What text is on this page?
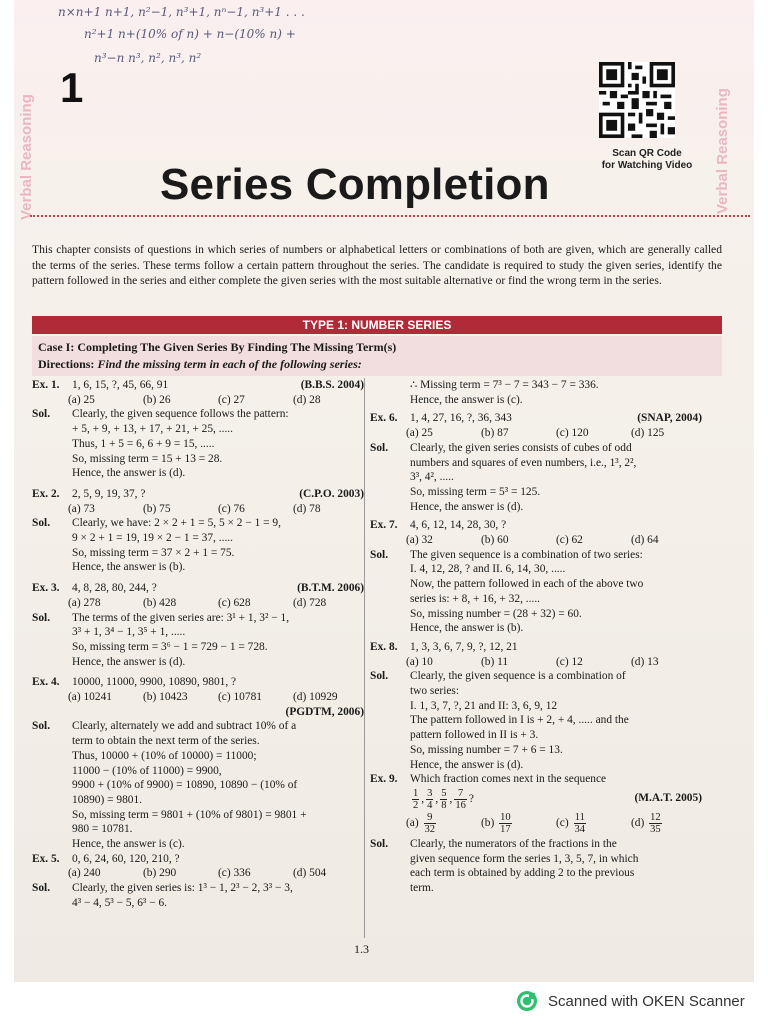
n×n+1 n+1, n²−1, n³+1, nⁿ−1, n³+1 . . .
n²+1 n+(10% of n) + n−(10% n) +
n³−n n³, n², n³, n²
1
Verbal Reasoning	Verbal Reasoning
Scan QR Code
for Watching Video
Series Completion
This chapter consists of questions in which series of numbers or alphabetical letters or combinations of both are given, which are generally called the terms of the series. These terms follow a certain pattern throughout the series. The candidate is required to study the given series, identify the pattern followed in the series and either complete the given series with the most suitable alternative or find the wrong term in the series.
TYPE 1: NUMBER SERIES
Case I: Completing The Given Series By Finding The Missing Term(s)
Directions: Find the missing term in each of the following series:
Ex. 1.	1, 6, 15, ?, 45, 66, 91	(B.B.S. 2004)
(a) 25	(b) 26	(c) 27	(d) 28
Sol.	Clearly, the given sequence follows the pattern:
+ 5, + 9, + 13, + 17, + 21, + 25, .....
Thus, 1 + 5 = 6, 6 + 9 = 15, .....
So, missing term = 15 + 13 = 28.
Hence, the answer is (d).
Ex. 2.	2, 5, 9, 19, 37, ?	(C.P.O. 2003)
(a) 73	(b) 75	(c) 76	(d) 78
Sol.	Clearly, we have: 2 × 2 + 1 = 5, 5 × 2 − 1 = 9,
9 × 2 + 1 = 19, 19 × 2 − 1 = 37, .....
So, missing term = 37 × 2 + 1 = 75.
Hence, the answer is (b).
Ex. 3.	4, 8, 28, 80, 244, ?	(B.T.M. 2006)
(a) 278	(b) 428	(c) 628	(d) 728
Sol.	The terms of the given series are: 3¹ + 1, 3² − 1,
3³ + 1, 3⁴ − 1, 3⁵ + 1, .....
So, missing term = 3⁶ − 1 = 729 − 1 = 728.
Hence, the answer is (d).
Ex. 4.	10000, 11000, 9900, 10890, 9801, ?
(a) 10241	(b) 10423	(c) 10781	(d) 10929
(PGDTM, 2006)
Sol.	Clearly, alternately we add and subtract 10% of a
term to obtain the next term of the series.
Thus, 10000 + (10% of 10000) = 11000;
11000 − (10% of 11000) = 9900,
9900 + (10% of 9900) = 10890, 10890 − (10% of
10890) = 9801.
So, missing term = 9801 + (10% of 9801) = 9801 +
980 = 10781.
Hence, the answer is (c).
Ex. 5.	0, 6, 24, 60, 120, 210, ?
(a) 240	(b) 290	(c) 336	(d) 504
Sol.	Clearly, the given series is: 1³ − 1, 2³ − 2, 3³ − 3,
4³ − 4, 5³ − 5, 6³ − 6.
∴ Missing term = 7³ − 7 = 343 − 7 = 336.
Hence, the answer is (c).
Ex. 6.	1, 4, 27, 16, ?, 36, 343	(SNAP, 2004)
(a) 25	(b) 87	(c) 120	(d) 125
Sol.	Clearly, the given series consists of cubes of odd
numbers and squares of even numbers, i.e., 1³, 2²,
3³, 4², .....
So, missing term = 5³ = 125.
Hence, the answer is (d).
Ex. 7.	4, 6, 12, 14, 28, 30, ?
(a) 32	(b) 60	(c) 62	(d) 64
Sol.	The given sequence is a combination of two series:
I. 4, 12, 28, ? and II. 6, 14, 30, .....
Now, the pattern followed in each of the above two
series is: + 8, + 16, + 32, .....
So, missing number = (28 + 32) = 60.
Hence, the answer is (b).
Ex. 8.	1, 3, 3, 6, 7, 9, ?, 12, 21
(a) 10	(b) 11	(c) 12	(d) 13
Sol.	Clearly, the given sequence is a combination of
two series:
I. 1, 3, 7, ?, 21 and II: 3, 6, 9, 12
The pattern followed in I is + 2, + 4, ..... and the
pattern followed in II is + 3.
So, missing number = 7 + 6 = 13.
Hence, the answer is (d).
Ex. 9.	Which fraction comes next in the sequence
$\frac{1}{2}$ , $\frac{3}{4}$ , $\frac{5}{8}$ , $\frac{7}{16}$ ?	(M.A.T. 2005)
$(a) \frac{9}{32}$	$(b) \frac{10}{17}$	$(c) \frac{11}{34}$	$(d) \frac{12}{35}$
Sol.	Clearly, the numerators of the fractions in the
given sequence form the series 1, 3, 5, 7, in which
each term is obtained by adding 2 to the previous
term.
1.3
Scanned with OKEN Scanner
